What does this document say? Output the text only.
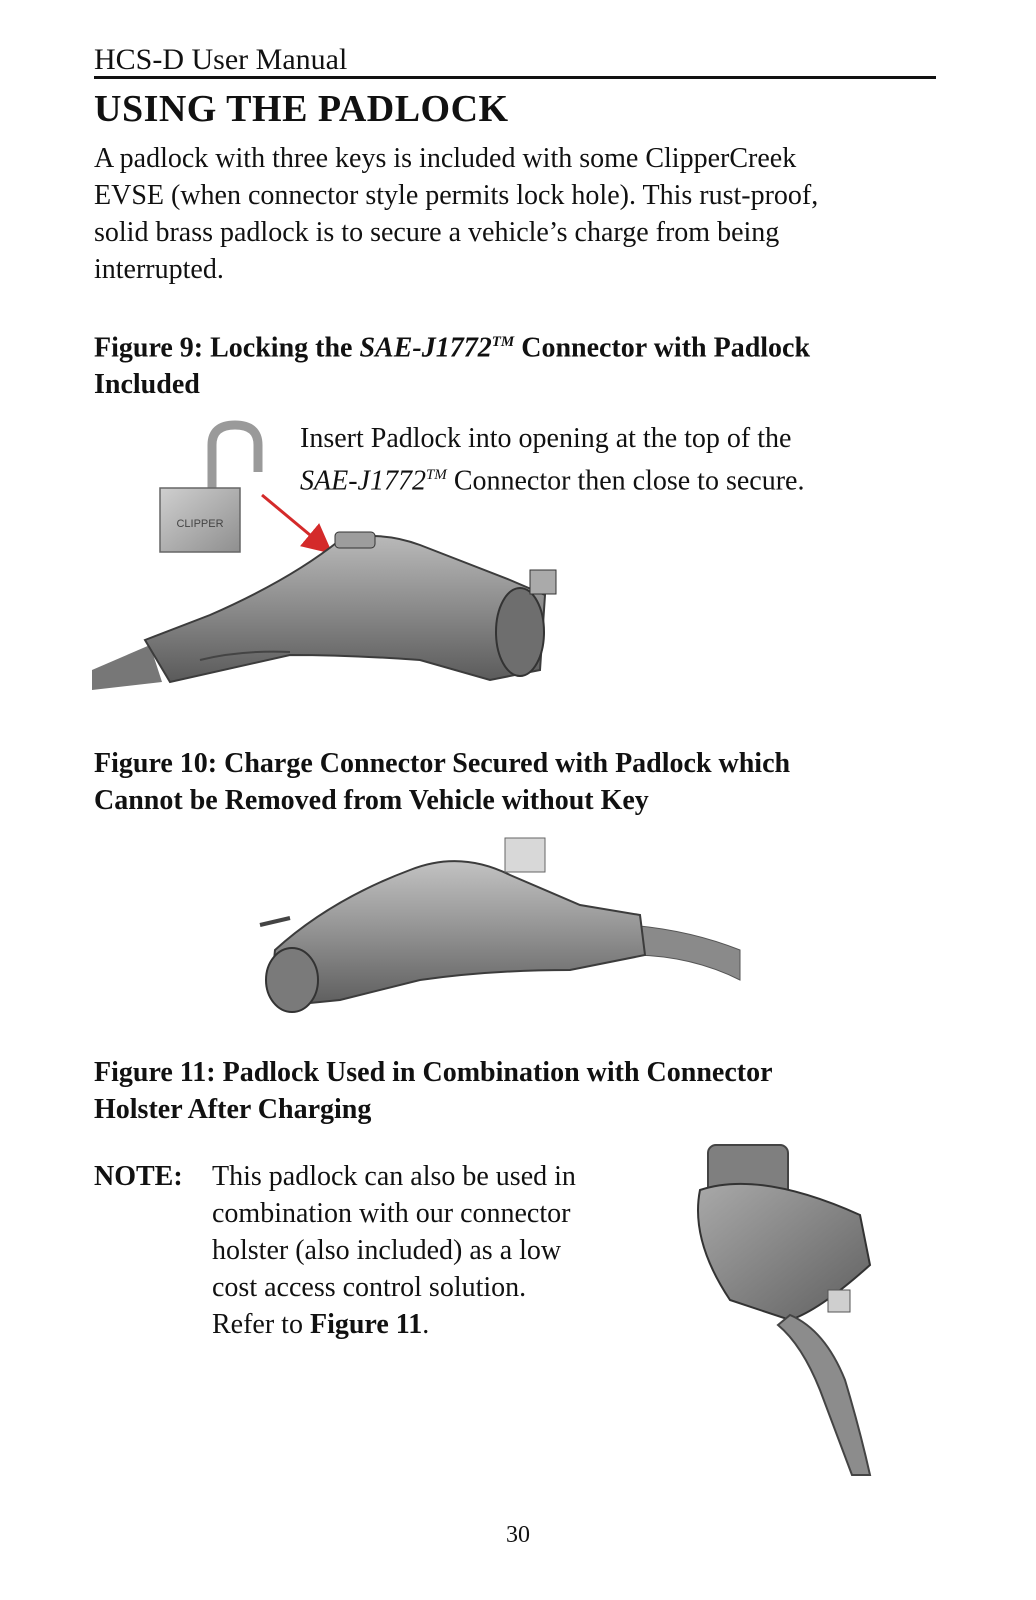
HCS-D User Manual
USING THE PADLOCK

A padlock with three keys is included with some ClipperCreek

EVSE (when connector style permits lock hole). This rust-proof,

solid brass padlock is to secure a vehicle’s charge from being

interrupted.

Figure 9: Locking the SAE-J1772™ Connector with Padlock
Included

Insert Padlock into opening at the top of the

SAE-J1772™ Connector then close to secure.

CLIPPER
Figure 10: Charge Connector Secured with Padlock which
Cannot be Removed from Vehicle without Key
Figure 11: Padlock Used in Combination with Connector
Holster After Charging
NOTE: This padlock can also be used in

combination with our connector

holster (also included) as a low

cost access control solution.

Refer to Figure 11.

30
